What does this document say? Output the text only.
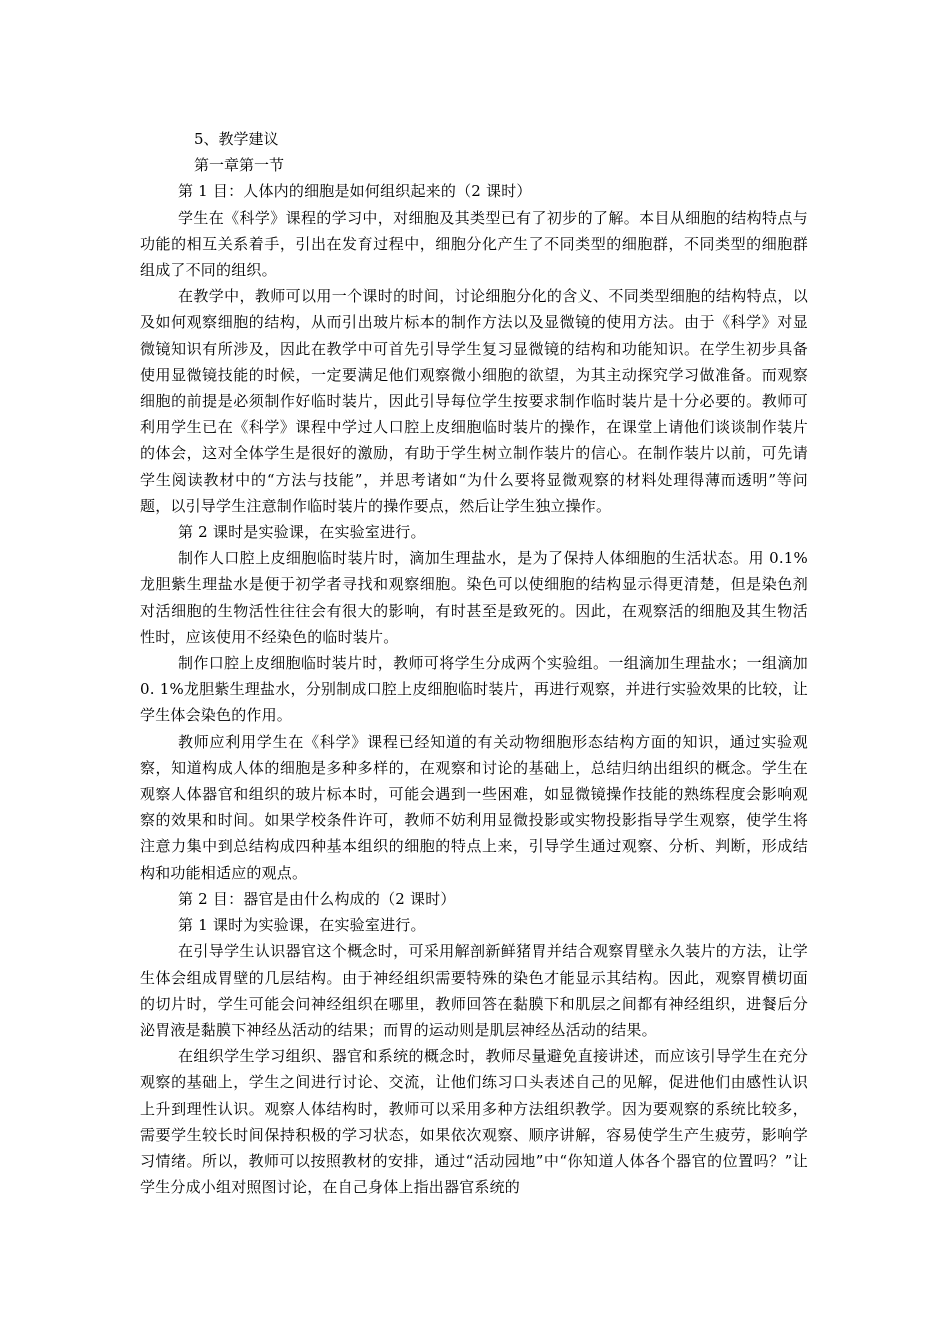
5、教学建议

第一章第一节

第 1 目：人体内的细胞是如何组织起来的（2 课时）

学生在《科学》课程的学习中，对细胞及其类型已有了初步的了解。本目从细胞的结构特点与功能的相互关系着手，引出在发育过程中，细胞分化产生了不同类型的细胞群，不同类型的细胞群组成了不同的组织。

在教学中，教师可以用一个课时的时间，讨论细胞分化的含义、不同类型细胞的结构特点，以及如何观察细胞的结构，从而引出玻片标本的制作方法以及显微镜的使用方法。由于《科学》对显微镜知识有所涉及，因此在教学中可首先引导学生复习显微镜的结构和功能知识。在学生初步具备使用显微镜技能的时候，一定要满足他们观察微小细胞的欲望，为其主动探究学习做准备。而观察细胞的前提是必须制作好临时装片，因此引导每位学生按要求制作临时装片是十分必要的。教师可利用学生已在《科学》课程中学过人口腔上皮细胞临时装片的操作，在课堂上请他们谈谈制作装片的体会，这对全体学生是很好的激励，有助于学生树立制作装片的信心。在制作装片以前，可先请学生阅读教材中的“方法与技能”，并思考诸如“为什么要将显微观察的材料处理得薄而透明”等问题，以引导学生注意制作临时装片的操作要点，然后让学生独立操作。

第 2 课时是实验课，在实验室进行。

制作人口腔上皮细胞临时装片时，滴加生理盐水，是为了保持人体细胞的生活状态。用 0.1%龙胆紫生理盐水是便于初学者寻找和观察细胞。染色可以使细胞的结构显示得更清楚，但是染色剂对活细胞的生物活性往往会有很大的影响，有时甚至是致死的。因此，在观察活的细胞及其生物活性时，应该使用不经染色的临时装片。

制作口腔上皮细胞临时装片时，教师可将学生分成两个实验组。一组滴加生理盐水；一组滴加 0. 1%龙胆紫生理盐水，分别制成口腔上皮细胞临时装片，再进行观察，并进行实验效果的比较，让学生体会染色的作用。

教师应利用学生在《科学》课程已经知道的有关动物细胞形态结构方面的知识，通过实验观察，知道构成人体的细胞是多种多样的，在观察和讨论的基础上，总结归纳出组织的概念。学生在观察人体器官和组织的玻片标本时，可能会遇到一些困难，如显微镜操作技能的熟练程度会影响观察的效果和时间。如果学校条件许可，教师不妨利用显微投影或实物投影指导学生观察，使学生将注意力集中到总结构成四种基本组织的细胞的特点上来，引导学生通过观察、分析、判断，形成结构和功能相适应的观点。

第 2 目：器官是由什么构成的（2 课时）

第 1 课时为实验课，在实验室进行。

在引导学生认识器官这个概念时，可采用解剖新鲜猪胃并结合观察胃壁永久装片的方法，让学生体会组成胃壁的几层结构。由于神经组织需要特殊的染色才能显示其结构。因此，观察胃横切面的切片时，学生可能会问神经组织在哪里，教师回答在黏膜下和肌层之间都有神经组织，进餐后分泌胃液是黏膜下神经丛活动的结果；而胃的运动则是肌层神经丛活动的结果。

在组织学生学习组织、器官和系统的概念时，教师尽量避免直接讲述，而应该引导学生在充分观察的基础上，学生之间进行讨论、交流，让他们练习口头表述自己的见解，促进他们由感性认识上升到理性认识。观察人体结构时，教师可以采用多种方法组织教学。因为要观察的系统比较多，需要学生较长时间保持积极的学习状态，如果依次观察、顺序讲解，容易使学生产生疲劳，影响学习情绪。所以，教师可以按照教材的安排，通过“活动园地”中“你知道人体各个器官的位置吗？”让学生分成小组对照图讨论，在自己身体上指出器官系统的
